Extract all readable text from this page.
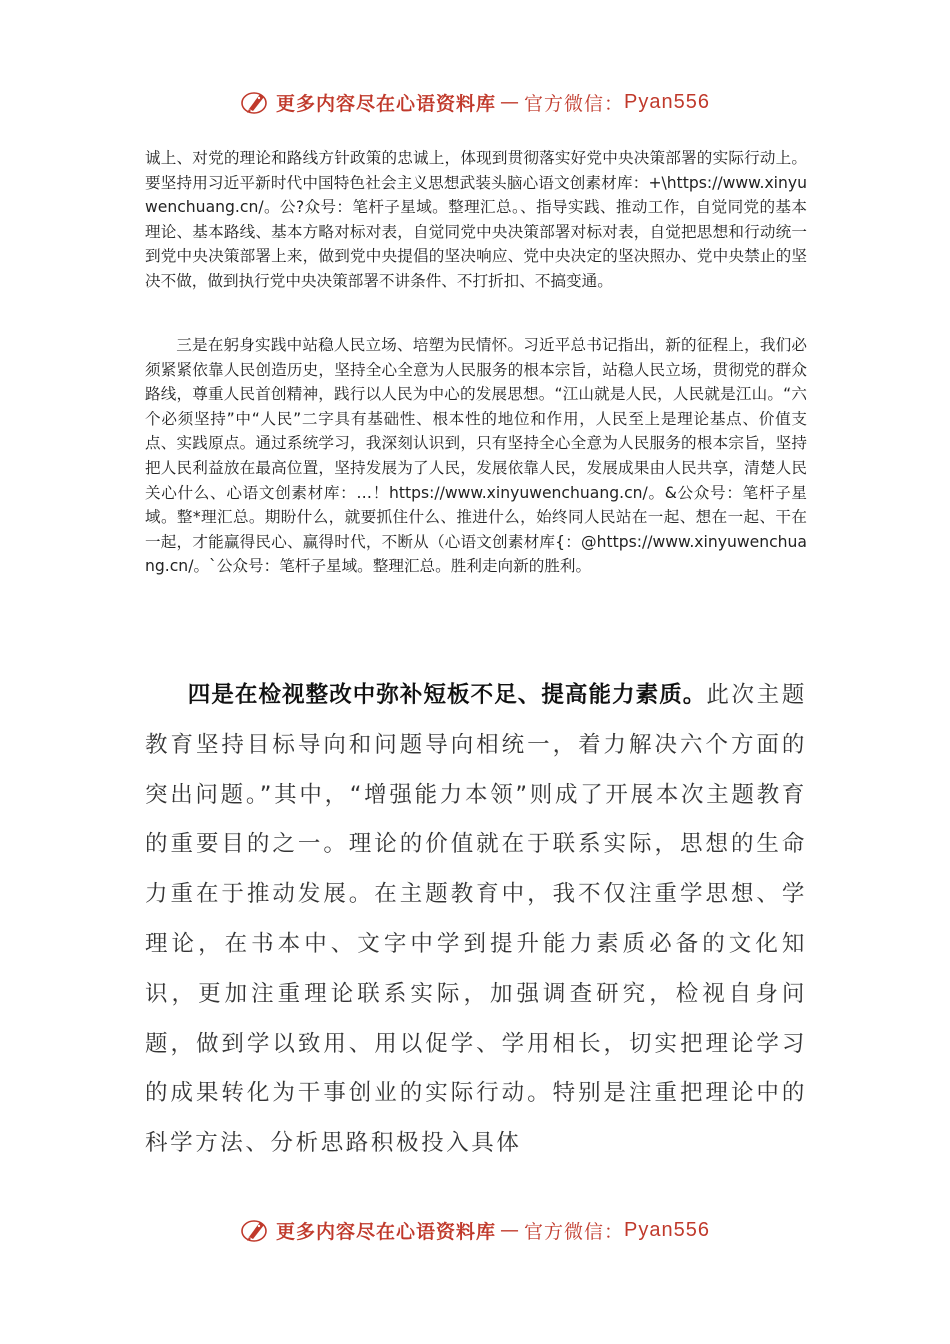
更多内容尽在心语资料库 — 官方微信： Pyan556

诚上、对党的理论和路线方针政策的忠诚上，体现到贯彻落实好党中央决策部署的实际行动上。要坚持用习近平新时代中国特色社会主义思想武装头脑心语文创素材库：+\https://www.xinyuwenchuang.cn/。公?众号：笔杆子星域。整理汇总。、指导实践、推动工作，自觉同党的基本理论、基本路线、基本方略对标对表，自觉同党中央决策部署对标对表，自觉把思想和行动统一到党中央决策部署上来，做到党中央提倡的坚决响应、党中央决定的坚决照办、党中央禁止的坚决不做，做到执行党中央决策部署不讲条件、不打折扣、不搞变通。

三是在躬身实践中站稳人民立场、培塑为民情怀。习近平总书记指出，新的征程上，我们必须紧紧依靠人民创造历史，坚持全心全意为人民服务的根本宗旨，站稳人民立场，贯彻党的群众路线，尊重人民首创精神，践行以人民为中心的发展思想。“江山就是人民，人民就是江山。“六个必须坚持”中“人民”二字具有基础性、根本性的地位和作用，人民至上是理论基点、价值支点、实践原点。通过系统学习，我深刻认识到，只有坚持全心全意为人民服务的根本宗旨，坚持把人民利益放在最高位置，坚持发展为了人民，发展依靠人民，发展成果由人民共享，清楚人民关心什么、心语文创素材库：…！https://www.xinyuwenchuang.cn/。&公众号：笔杆子星域。整*理汇总。期盼什么，就要抓住什么、推进什么，始终同人民站在一起、想在一起、干在一起，才能赢得民心、赢得时代，不断从（心语文创素材库{：@https://www.xinyuwenchuang.cn/。`公众号：笔杆子星域。整理汇总。胜利走向新的胜利。

四是在检视整改中弥补短板不足、提高能力素质。此次主题教育坚持目标导向和问题导向相统一，着力解决六个方面的突出问题。”其中，“增强能力本领”则成了开展本次主题教育的重要目的之一。理论的价值就在于联系实际，思想的生命力重在于推动发展。在主题教育中，我不仅注重学思想、学理论，在书本中、文字中学到提升能力素质必备的文化知识，更加注重理论联系实际，加强调查研究，检视自身问题，做到学以致用、用以促学、学用相长，切实把理论学习的成果转化为干事创业的实际行动。特别是注重把理论中的科学方法、分析思路积极投入具体

更多内容尽在心语资料库 — 官方微信： Pyan556
